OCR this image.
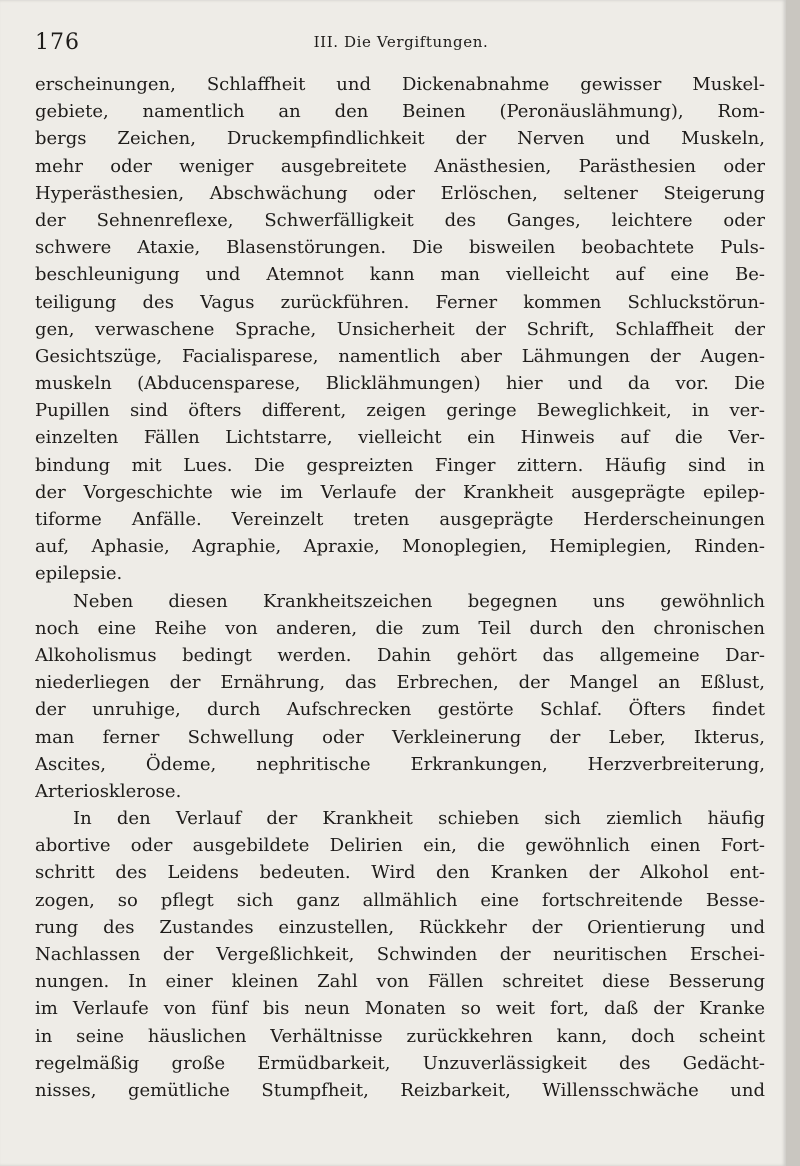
176	III. Die Vergiftungen.
erscheinungen, Schlaffheit und Dickenabnahme gewisser Muskel-
gebiete, namentlich an den Beinen (Peronäuslähmung), Rom-
bergs Zeichen, Druckempfindlichkeit der Nerven und Muskeln,
mehr oder weniger ausgebreitete Anästhesien, Parästhesien oder
Hyperästhesien, Abschwächung oder Erlöschen, seltener Steigerung
der Sehnenreflexe, Schwerfälligkeit des Ganges, leichtere oder
schwere Ataxie, Blasenstörungen. Die bisweilen beobachtete Puls-
beschleunigung und Atemnot kann man vielleicht auf eine Be-
teiligung des Vagus zurückführen. Ferner kommen Schluckstörun-
gen, verwaschene Sprache, Unsicherheit der Schrift, Schlaffheit der
Gesichtszüge, Facialisparese, namentlich aber Lähmungen der Augen-
muskeln (Abducensparese, Blicklähmungen) hier und da vor. Die
Pupillen sind öfters different, zeigen geringe Beweglichkeit, in ver-
einzelten Fällen Lichtstarre, vielleicht ein Hinweis auf die Ver-
bindung mit Lues. Die gespreizten Finger zittern. Häufig sind in
der Vorgeschichte wie im Verlaufe der Krankheit ausgeprägte epilep-
tiforme Anfälle. Vereinzelt treten ausgeprägte Herderscheinungen
auf, Aphasie, Agraphie, Apraxie, Monoplegien, Hemiplegien, Rinden-
epilepsie.
Neben diesen Krankheitszeichen begegnen uns gewöhnlich
noch eine Reihe von anderen, die zum Teil durch den chronischen
Alkoholismus bedingt werden. Dahin gehört das allgemeine Dar-
niederliegen der Ernährung, das Erbrechen, der Mangel an Eßlust,
der unruhige, durch Aufschrecken gestörte Schlaf. Öfters findet
man ferner Schwellung oder Verkleinerung der Leber, Ikterus,
Ascites, Ödeme, nephritische Erkrankungen, Herzverbreiterung,
Arteriosklerose.
In den Verlauf der Krankheit schieben sich ziemlich häufig
abortive oder ausgebildete Delirien ein, die gewöhnlich einen Fort-
schritt des Leidens bedeuten. Wird den Kranken der Alkohol ent-
zogen, so pflegt sich ganz allmählich eine fortschreitende Besse-
rung des Zustandes einzustellen, Rückkehr der Orientierung und
Nachlassen der Vergeßlichkeit, Schwinden der neuritischen Erschei-
nungen. In einer kleinen Zahl von Fällen schreitet diese Besserung
im Verlaufe von fünf bis neun Monaten so weit fort, daß der Kranke
in seine häuslichen Verhältnisse zurückkehren kann, doch scheint
regelmäßig große Ermüdbarkeit, Unzuverlässigkeit des Gedächt-
nisses, gemütliche Stumpfheit, Reizbarkeit, Willensschwäche und
